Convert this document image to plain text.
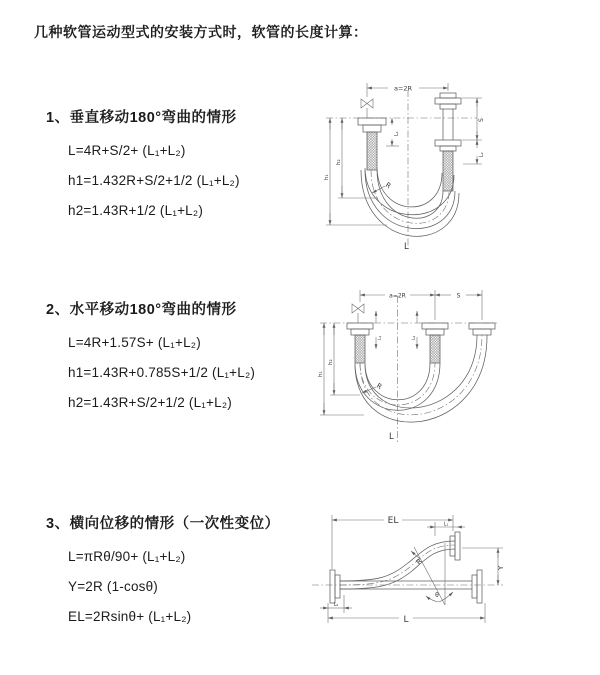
几种软管运动型式的安装方式时，软管的长度计算：
1、垂直移动180°弯曲的情形
L=4R+S/2+ (L₁+L₂)
h1=1.432R+S/2+1/2 (L₁+L₂)
h2=1.43R+1/2 (L₁+L₂)
2、水平移动180°弯曲的情形
L=4R+1.57S+ (L₁+L₂)
h1=1.43R+0.785S+1/2 (L₁+L₂)
h2=1.43R+S/2+1/2 (L₁+L₂)
3、横向位移的情形（一次性变位）
L=πRθ/90+ (L₁+L₂)
Y=2R (1-cosθ)
EL=2Rsinθ+ (L₁+L₂)
a=2R
L₁
S
L₂
h₁
h₂
R
L
a=2R	S
L₁	L₂
h₁
h₂
R
L
EL	L₁
Y
R
θ
L₂
L
